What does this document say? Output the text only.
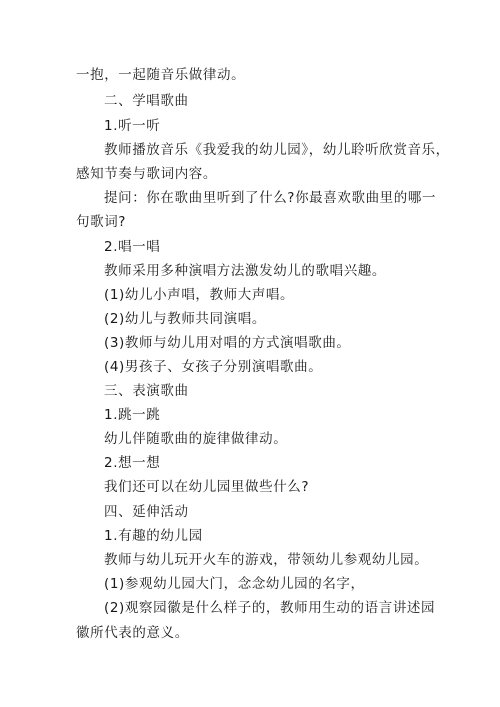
一抱，一起随音乐做律动。
二、学唱歌曲
1.听一听
教师播放音乐《我爱我的幼儿园》，幼儿聆听欣赏音乐，
感知节奏与歌词内容。
提问：你在歌曲里听到了什么?你最喜欢歌曲里的哪一
句歌词?
2.唱一唱
教师采用多种演唱方法激发幼儿的歌唱兴趣。
(1)幼儿小声唱，教师大声唱。
(2)幼儿与教师共同演唱。
(3)教师与幼儿用对唱的方式演唱歌曲。
(4)男孩子、女孩子分别演唱歌曲。
三、表演歌曲
1.跳一跳
幼儿伴随歌曲的旋律做律动。
2.想一想
我们还可以在幼儿园里做些什么?
四、延伸活动
1.有趣的幼儿园
教师与幼儿玩开火车的游戏，带领幼儿参观幼儿园。
(1)参观幼儿园大门，念念幼儿园的名字，
(2)观察园徽是什么样子的，教师用生动的语言讲述园
徽所代表的意义。
